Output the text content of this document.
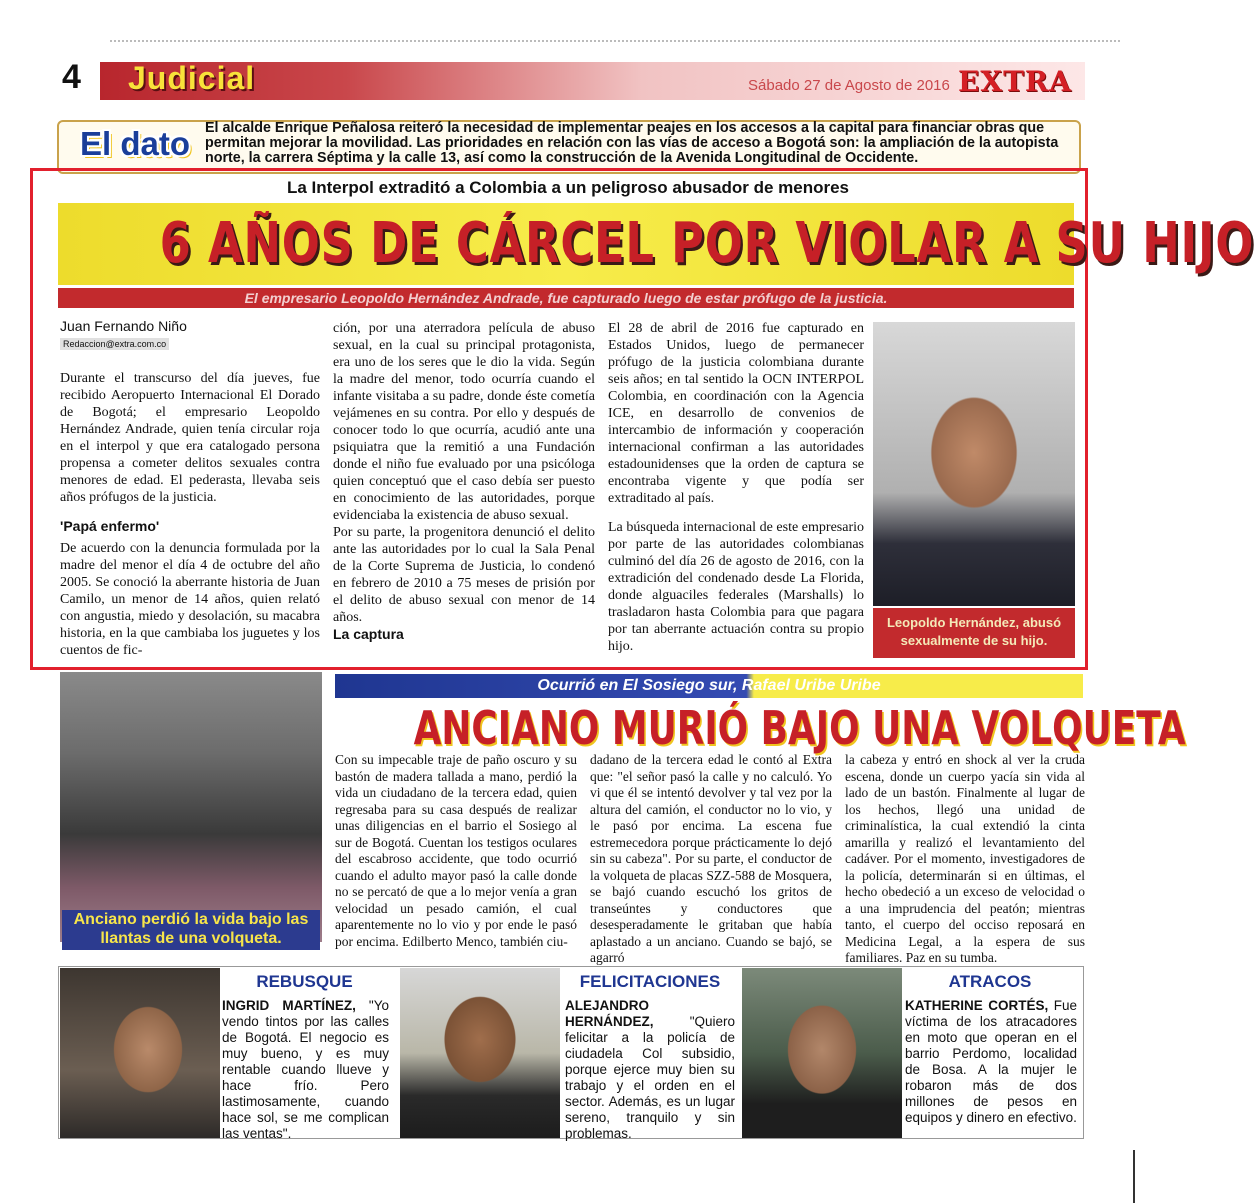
4 Judicial	Sábado 27 de Agosto de 2016 EXTRA
El dato El alcalde Enrique Peñalosa reiteró la necesidad de implementar peajes en los accesos a la capital para financiar obras que permitan mejorar la movilidad. Las prioridades en relación con las vías de acceso a Bogotá son: la ampliación de la autopista norte, la carrera Séptima y la calle 13, así como la construcción de la Avenida Longitudinal de Occidente.
La Interpol extraditó a Colombia a un peligroso abusador de menores
6 AÑOS DE CÁRCEL POR VIOLAR A SU HIJO
El empresario Leopoldo Hernández Andrade, fue capturado luego de estar prófugo de la justicia.
Juan Fernando Niño
Redaccion@extra.com.co

Durante el transcurso del día jueves, fue recibido Aeropuerto Internacional El Dorado de Bogotá; el empresario Leopoldo Hernández Andrade, quien tenía circular roja en el interpol y que era catalogado persona propensa a cometer delitos sexuales contra menores de edad. El pederasta, llevaba seis años prófugos de la justicia.

'Papá enfermo'

De acuerdo con la denuncia formulada por la madre del menor el día 4 de octubre del año 2005. Se conoció la aberrante historia de Juan Camilo, un menor de 14 años, quien relató con angustia, miedo y desolación, su macabra historia, en la que cambiaba los juguetes y los cuentos de fic-

ción, por una aterradora película de abuso sexual, en la cual su principal protagonista, era uno de los seres que le dio la vida. Según la madre del menor, todo ocurría cuando el infante visitaba a su padre, donde éste cometía vejámenes en su contra. Por ello y después de conocer todo lo que ocurría, acudió ante una psiquiatra que la remitió a una Fundación donde el niño fue evaluado por una psicóloga quien conceptuó que el caso debía ser puesto en conocimiento de las autoridades, porque evidenciaba la existencia de abuso sexual.

Por su parte, la progenitora denunció el delito ante las autoridades por lo cual la Sala Penal de la Corte Suprema de Justicia, lo condenó en febrero de 2010 a 75 meses de prisión por el delito de abuso sexual con menor de 14 años.

La captura

El 28 de abril de 2016 fue capturado en Estados Unidos, luego de permanecer prófugo de la justicia colombiana durante seis años; en tal sentido la OCN INTERPOL Colombia, en coordinación con la Agencia ICE, en desarrollo de convenios de intercambio de información y cooperación internacional confirman a las autoridades estadounidenses que la orden de captura se encontraba vigente y que podía ser extraditado al país.

La búsqueda internacional de este empresario por parte de las autoridades colombianas culminó del día 26 de agosto de 2016, con la extradición del condenado desde La Florida, donde alguaciles federales (Marshalls) lo trasladaron hasta Colombia para que pagara por tan aberrante actuación contra su propio hijo.

Leopoldo Hernández, abusó sexualmente de su hijo.
Anciano perdió la vida bajo las llantas de una volqueta.
Ocurrió en El Sosiego sur, Rafael Uribe Uribe
ANCIANO MURIÓ BAJO UNA VOLQUETA
Con su impecable traje de paño oscuro y su bastón de madera tallada a mano, perdió la vida un ciudadano de la tercera edad, quien regresaba para su casa después de realizar unas diligencias en el barrio el Sosiego al sur de Bogotá. Cuentan los testigos oculares del escabroso accidente, que todo ocurrió cuando el adulto mayor pasó la calle donde no se percató de que a lo mejor venía a gran velocidad un pesado camión, el cual aparentemente no lo vio y por ende le pasó por encima. Edilberto Menco, también ciu-
dadano de la tercera edad le contó al Extra que: "el señor pasó la calle y no calculó. Yo vi que él se intentó devolver y tal vez por la altura del camión, el conductor no lo vio, y le pasó por encima. La escena fue estremecedora porque prácticamente lo dejó sin su cabeza". Por su parte, el conductor de la volqueta de placas SZZ-588 de Mosquera, se bajó cuando escuchó los gritos de transeúntes y conductores que desesperadamente le gritaban que había aplastado a un anciano. Cuando se bajó, se agarró
la cabeza y entró en shock al ver la cruda escena, donde un cuerpo yacía sin vida al lado de un bastón. Finalmente al lugar de los hechos, llegó una unidad de criminalística, la cual extendió la cinta amarilla y realizó el levantamiento del cadáver. Por el momento, investigadores de la policía, determinarán si en últimas, el hecho obedeció a un exceso de velocidad o a una imprudencia del peatón; mientras tanto, el cuerpo del occiso reposará en Medicina Legal, a la espera de sus familiares. Paz en su tumba.
REBUSQUE
INGRID MARTÍNEZ, "Yo vendo tintos por las calles de Bogotá. El negocio es muy bueno, y es muy rentable cuando llueve y hace frío. Pero lastimosamente, cuando hace sol, se me complican las ventas".
FELICITACIONES
ALEJANDRO HERNÁNDEZ,	"Quiero felicitar a la policía de ciudadela Col subsidio, porque ejerce muy bien su trabajo y el orden en el sector. Además, es un lugar sereno, tranquilo y sin problemas.
ATRACOS
KATHERINE CORTÉS, Fue víctima de los atracadores en moto que operan en el barrio Perdomo, localidad de Bosa. A la mujer le robaron más de dos millones de pesos en equipos y dinero en efectivo.
